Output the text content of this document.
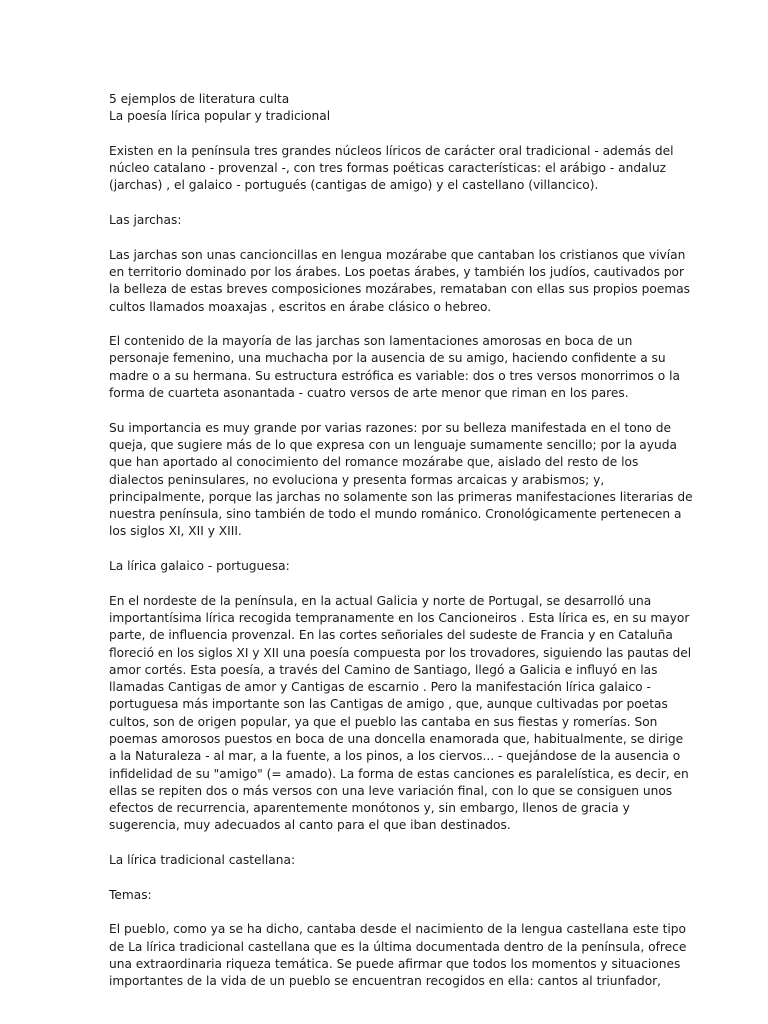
5 ejemplos de literatura culta
La poesía lírica popular y tradicional
Existen en la península tres grandes núcleos líricos de carácter oral tradicional - además del
núcleo catalano - provenzal -, con tres formas poéticas características: el arábigo - andaluz
(jarchas) , el galaico - portugués (cantigas de amigo) y el castellano (villancico).
Las jarchas:
Las jarchas son unas cancioncillas en lengua mozárabe que cantaban los cristianos que vivían
en territorio dominado por los árabes. Los poetas árabes, y también los judíos, cautivados por
la belleza de estas breves composiciones mozárabes, remataban con ellas sus propios poemas
cultos llamados moaxajas , escritos en árabe clásico o hebreo.
El contenido de la mayoría de las jarchas son lamentaciones amorosas en boca de un
personaje femenino, una muchacha por la ausencia de su amigo, haciendo confidente a su
madre o a su hermana. Su estructura estrófica es variable: dos o tres versos monorrimos o la
forma de cuarteta asonantada - cuatro versos de arte menor que riman en los pares.
Su importancia es muy grande por varias razones: por su belleza manifestada en el tono de
queja, que sugiere más de lo que expresa con un lenguaje sumamente sencillo; por la ayuda
que han aportado al conocimiento del romance mozárabe que, aislado del resto de los
dialectos peninsulares, no evoluciona y presenta formas arcaicas y arabismos; y,
principalmente, porque las jarchas no solamente son las primeras manifestaciones literarias de
nuestra península, sino también de todo el mundo románico. Cronológicamente pertenecen a
los siglos XI, XII y XIII.
La lírica galaico - portuguesa:
En el nordeste de la península, en la actual Galicia y norte de Portugal, se desarrolló una
importantísima lírica recogida tempranamente en los Cancioneiros . Esta lírica es, en su mayor
parte, de influencia provenzal. En las cortes señoriales del sudeste de Francia y en Cataluña
floreció en los siglos XI y XII una poesía compuesta por los trovadores, siguiendo las pautas del
amor cortés. Esta poesía, a través del Camino de Santiago, llegó a Galicia e influyó en las
llamadas Cantigas de amor y Cantigas de escarnio . Pero la manifestación lírica galaico -
portuguesa más importante son las Cantigas de amigo , que, aunque cultivadas por poetas
cultos, son de origen popular, ya que el pueblo las cantaba en sus fiestas y romerías. Son
poemas amorosos puestos en boca de una doncella enamorada que, habitualmente, se dirige
a la Naturaleza - al mar, a la fuente, a los pinos, a los ciervos... - quejándose de la ausencia o
infidelidad de su "amigo" (= amado). La forma de estas canciones es paralelística, es decir, en
ellas se repiten dos o más versos con una leve variación final, con lo que se consiguen unos
efectos de recurrencia, aparentemente monótonos y, sin embargo, llenos de gracia y
sugerencia, muy adecuados al canto para el que iban destinados.
La lírica tradicional castellana:
Temas:
El pueblo, como ya se ha dicho, cantaba desde el nacimiento de la lengua castellana este tipo
de La lírica tradicional castellana que es la última documentada dentro de la península, ofrece
una extraordinaria riqueza temática. Se puede afirmar que todos los momentos y situaciones
importantes de la vida de un pueblo se encuentran recogidos en ella: cantos al triunfador,
